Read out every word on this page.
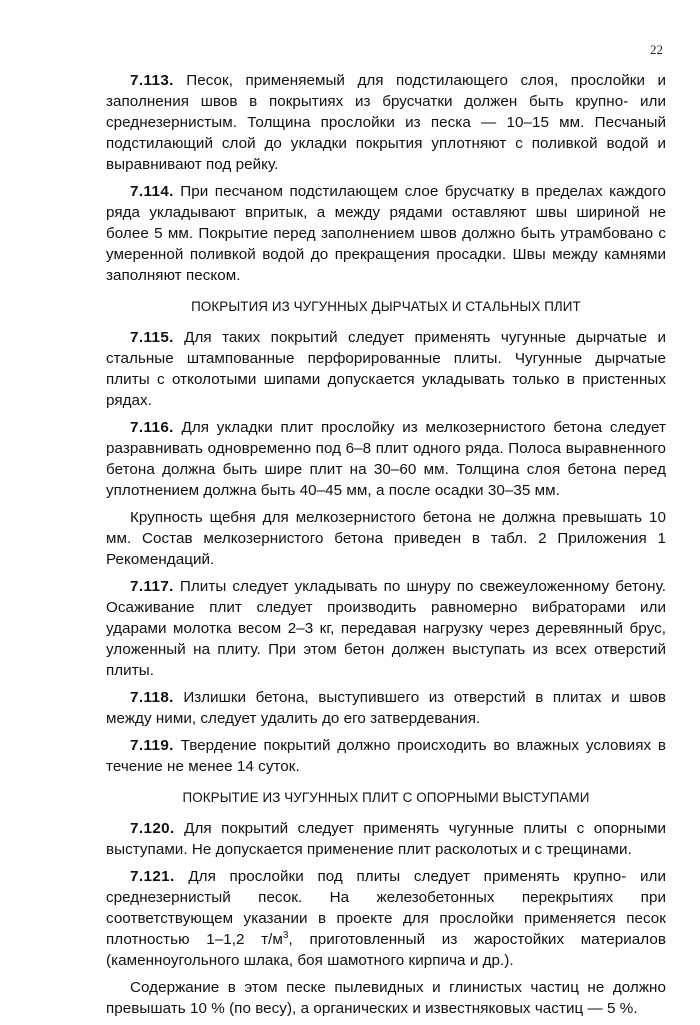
22

7.113. Песок, применяемый для подстилающего слоя, прослойки и заполнения швов в покрытиях из брусчатки должен быть крупно- или среднезернистым. Толщина прослойки из песка — 10–15 мм. Песчаный подстилающий слой до укладки покрытия уплотняют с поливкой водой и выравнивают под рейку.

7.114. При песчаном подстилающем слое брусчатку в пределах каждого ряда укладывают впритык, а между рядами оставляют швы шириной не более 5 мм. Покрытие перед заполнением швов должно быть утрамбовано с умеренной поливкой водой до прекращения просадки. Швы между камнями заполняют песком.

ПОКРЫТИЯ ИЗ ЧУГУННЫХ ДЫРЧАТЫХ И СТАЛЬНЫХ ПЛИТ

7.115. Для таких покрытий следует применять чугунные дырчатые и стальные штампованные перфорированные плиты. Чугунные дырчатые плиты с отколотыми шипами допускается укладывать только в пристенных рядах.

7.116. Для укладки плит прослойку из мелкозернистого бетона следует разравнивать одновременно под 6–8 плит одного ряда. Полоса выравненного бетона должна быть шире плит на 30–60 мм. Толщина слоя бетона перед уплотнением должна быть 40–45 мм, а после осадки 30–35 мм.

Крупность щебня для мелкозернистого бетона не должна превышать 10 мм. Состав мелкозернистого бетона приведен в табл. 2 Приложения 1 Рекомендаций.

7.117. Плиты следует укладывать по шнуру по свежеуложенному бетону. Осаживание плит следует производить равномерно вибраторами или ударами молотка весом 2–3 кг, передавая нагрузку через деревянный брус, уложенный на плиту. При этом бетон должен выступать из всех отверстий плиты.

7.118. Излишки бетона, выступившего из отверстий в плитах и швов между ними, следует удалить до его затвердевания.

7.119. Твердение покрытий должно происходить во влажных условиях в течение не менее 14 суток.

ПОКРЫТИЕ ИЗ ЧУГУННЫХ ПЛИТ С ОПОРНЫМИ ВЫСТУПАМИ

7.120. Для покрытий следует применять чугунные плиты с опорными выступами. Не допускается применение плит расколотых и с трещинами.

7.121. Для прослойки под плиты следует применять крупно- или среднезернистый песок. На железобетонных перекрытиях при соответствующем указании в проекте для прослойки применяется песок плотностью 1–1,2 $т/м^3$, приготовленный из жаростойких материалов (каменноугольного шлака, боя шамотного кирпича и др.).

Содержание в этом песке пылевидных и глинистых частиц не должно превышать 10 % (по весу), а органических и известняковых частиц — 5 %.
